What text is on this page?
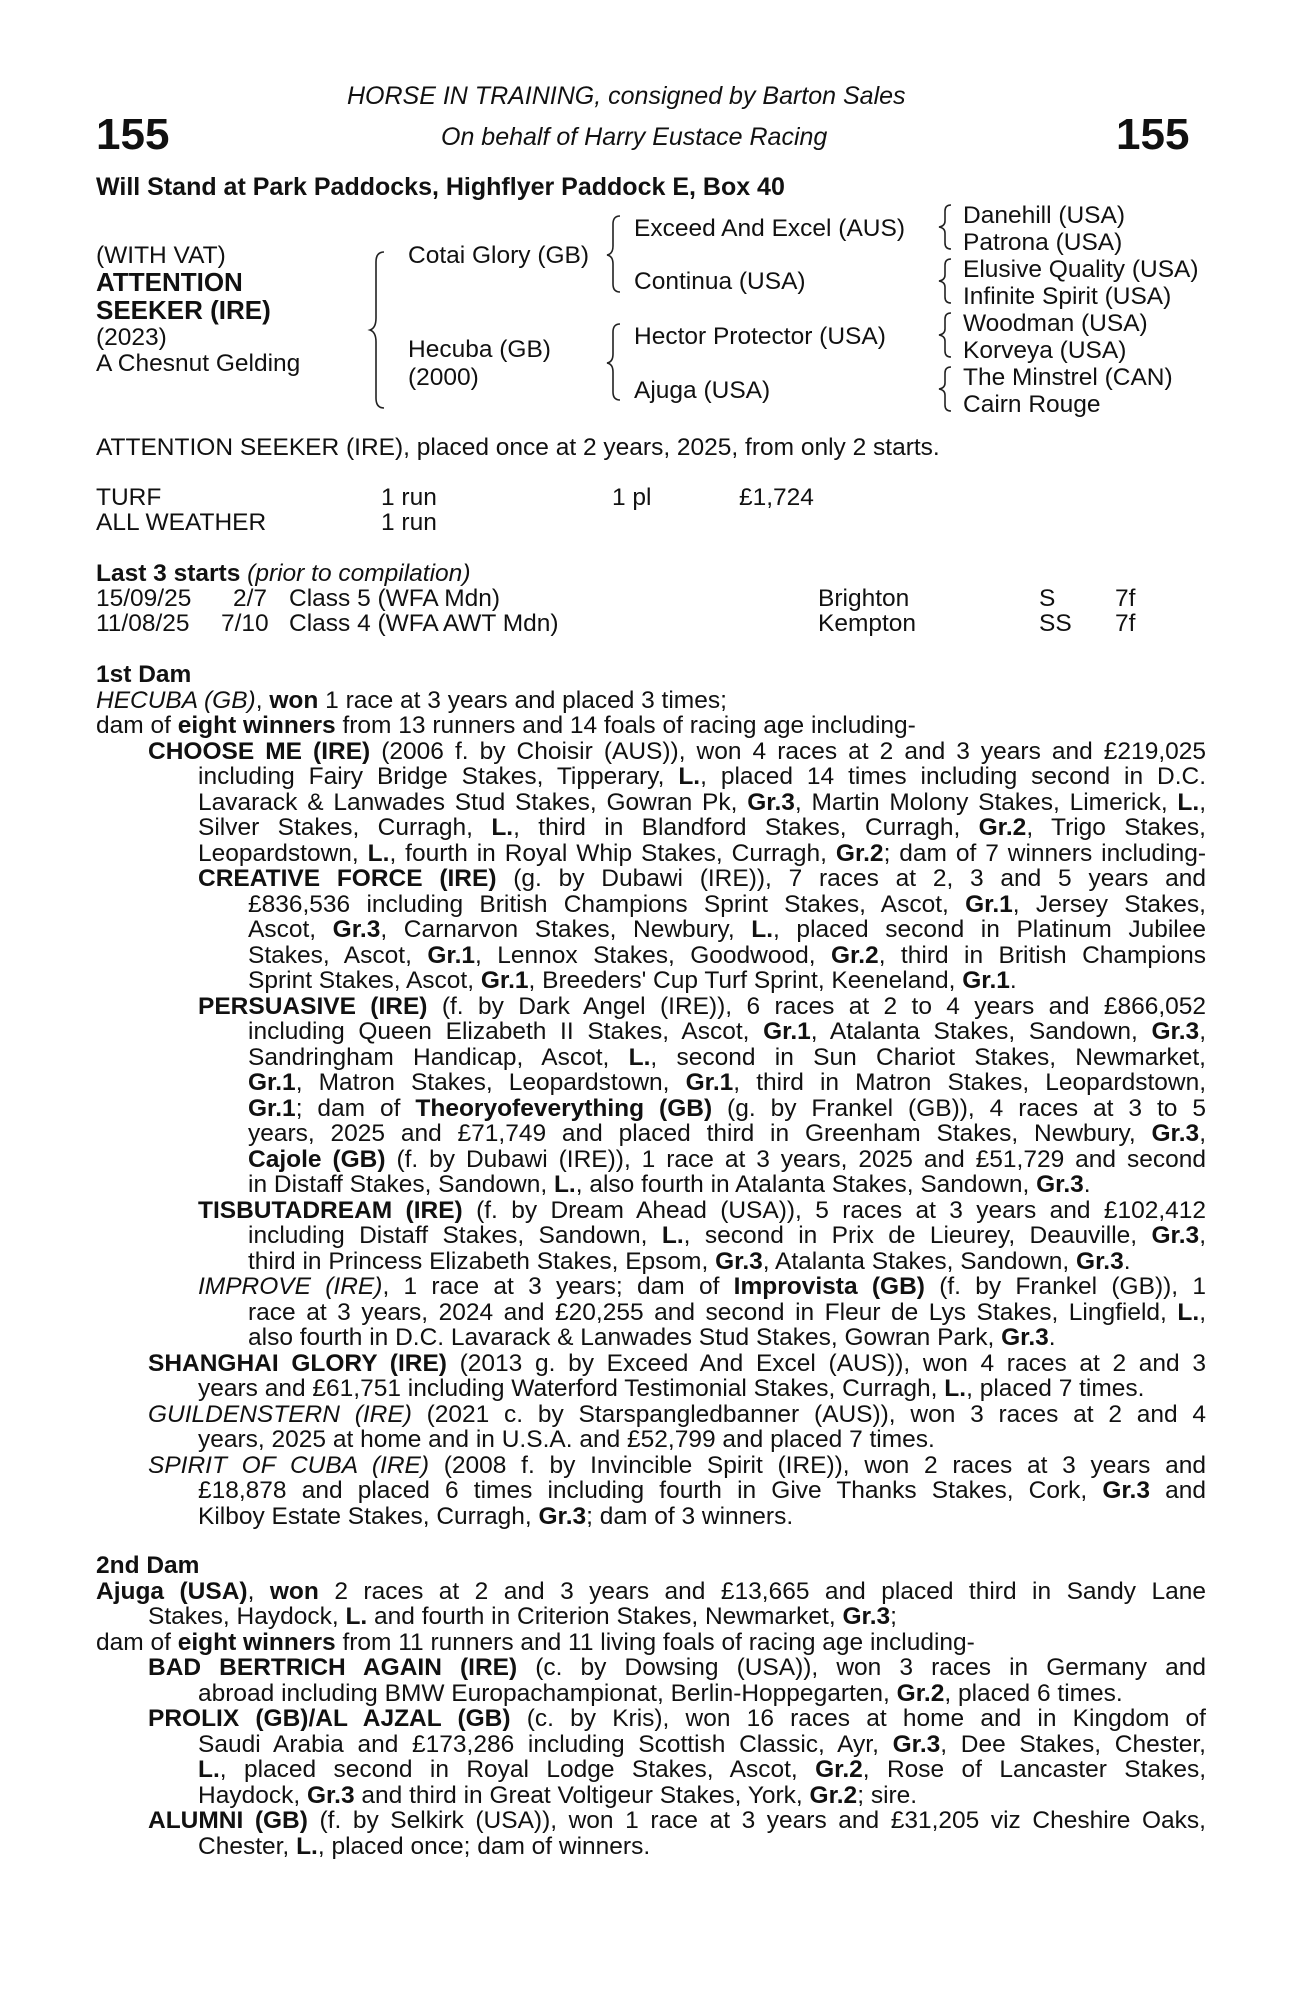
HORSE IN TRAINING, consigned by Barton Sales
On behalf of Harry Eustace Racing
155	155
Will Stand at Park Paddocks, Highflyer Paddock E, Box 40
(WITH VAT)
ATTENTION
SEEKER (IRE)
(2023)
A Chesnut Gelding
Cotai Glory (GB)
Hecuba (GB)
(2000)
Exceed And Excel (AUS)
Continua (USA)
Hector Protector (USA)
Ajuga (USA)
Danehill (USA)
Patrona (USA)
Elusive Quality (USA)
Infinite Spirit (USA)
Woodman (USA)
Korveya (USA)
The Minstrel (CAN)
Cairn Rouge
ATTENTION SEEKER (IRE), placed once at 2 years, 2025, from only 2 starts.
TURF	1 run	1 pl	£1,724
ALL WEATHER	1 run
Last 3 starts (prior to compilation)
15/09/25 2/7 Class 5 (WFA Mdn)	Brighton	S 7f
11/08/25 7/10 Class 4 (WFA AWT Mdn)	Kempton	SS 7f
1st Dam
HECUBA (GB), won 1 race at 3 years and placed 3 times;
dam of eight winners from 13 runners and 14 foals of racing age including-
CHOOSE ME (IRE) (2006 f. by Choisir (AUS)), won 4 races at 2 and 3 years and £219,025
including Fairy Bridge Stakes, Tipperary, L., placed 14 times including second in D.C.
Lavarack & Lanwades Stud Stakes, Gowran Pk, Gr.3, Martin Molony Stakes, Limerick, L.,
Silver Stakes, Curragh, L., third in Blandford Stakes, Curragh, Gr.2, Trigo Stakes,
Leopardstown, L., fourth in Royal Whip Stakes, Curragh, Gr.2; dam of 7 winners including-
CREATIVE FORCE (IRE) (g. by Dubawi (IRE)), 7 races at 2, 3 and 5 years and
£836,536 including British Champions Sprint Stakes, Ascot, Gr.1, Jersey Stakes,
Ascot, Gr.3, Carnarvon Stakes, Newbury, L., placed second in Platinum Jubilee
Stakes, Ascot, Gr.1, Lennox Stakes, Goodwood, Gr.2, third in British Champions
Sprint Stakes, Ascot, Gr.1, Breeders' Cup Turf Sprint, Keeneland, Gr.1.
PERSUASIVE (IRE) (f. by Dark Angel (IRE)), 6 races at 2 to 4 years and £866,052
including Queen Elizabeth II Stakes, Ascot, Gr.1, Atalanta Stakes, Sandown, Gr.3,
Sandringham Handicap, Ascot, L., second in Sun Chariot Stakes, Newmarket,
Gr.1, Matron Stakes, Leopardstown, Gr.1, third in Matron Stakes, Leopardstown,
Gr.1; dam of Theoryofeverything (GB) (g. by Frankel (GB)), 4 races at 3 to 5
years, 2025 and £71,749 and placed third in Greenham Stakes, Newbury, Gr.3,
Cajole (GB) (f. by Dubawi (IRE)), 1 race at 3 years, 2025 and £51,729 and second
in Distaff Stakes, Sandown, L., also fourth in Atalanta Stakes, Sandown, Gr.3.
TISBUTADREAM (IRE) (f. by Dream Ahead (USA)), 5 races at 3 years and £102,412
including Distaff Stakes, Sandown, L., second in Prix de Lieurey, Deauville, Gr.3,
third in Princess Elizabeth Stakes, Epsom, Gr.3, Atalanta Stakes, Sandown, Gr.3.
IMPROVE (IRE), 1 race at 3 years; dam of Improvista (GB) (f. by Frankel (GB)), 1
race at 3 years, 2024 and £20,255 and second in Fleur de Lys Stakes, Lingfield, L.,
also fourth in D.C. Lavarack & Lanwades Stud Stakes, Gowran Park, Gr.3.
SHANGHAI GLORY (IRE) (2013 g. by Exceed And Excel (AUS)), won 4 races at 2 and 3
years and £61,751 including Waterford Testimonial Stakes, Curragh, L., placed 7 times.
GUILDENSTERN (IRE) (2021 c. by Starspangledbanner (AUS)), won 3 races at 2 and 4
years, 2025 at home and in U.S.A. and £52,799 and placed 7 times.
SPIRIT OF CUBA (IRE) (2008 f. by Invincible Spirit (IRE)), won 2 races at 3 years and
£18,878 and placed 6 times including fourth in Give Thanks Stakes, Cork, Gr.3 and
Kilboy Estate Stakes, Curragh, Gr.3; dam of 3 winners.
2nd Dam
Ajuga (USA), won 2 races at 2 and 3 years and £13,665 and placed third in Sandy Lane
Stakes, Haydock, L. and fourth in Criterion Stakes, Newmarket, Gr.3;
dam of eight winners from 11 runners and 11 living foals of racing age including-
BAD BERTRICH AGAIN (IRE) (c. by Dowsing (USA)), won 3 races in Germany and
abroad including BMW Europachampionat, Berlin-Hoppegarten, Gr.2, placed 6 times.
PROLIX (GB)/AL AJZAL (GB) (c. by Kris), won 16 races at home and in Kingdom of
Saudi Arabia and £173,286 including Scottish Classic, Ayr, Gr.3, Dee Stakes, Chester,
L., placed second in Royal Lodge Stakes, Ascot, Gr.2, Rose of Lancaster Stakes,
Haydock, Gr.3 and third in Great Voltigeur Stakes, York, Gr.2; sire.
ALUMNI (GB) (f. by Selkirk (USA)), won 1 race at 3 years and £31,205 viz Cheshire Oaks,
Chester, L., placed once; dam of winners.
